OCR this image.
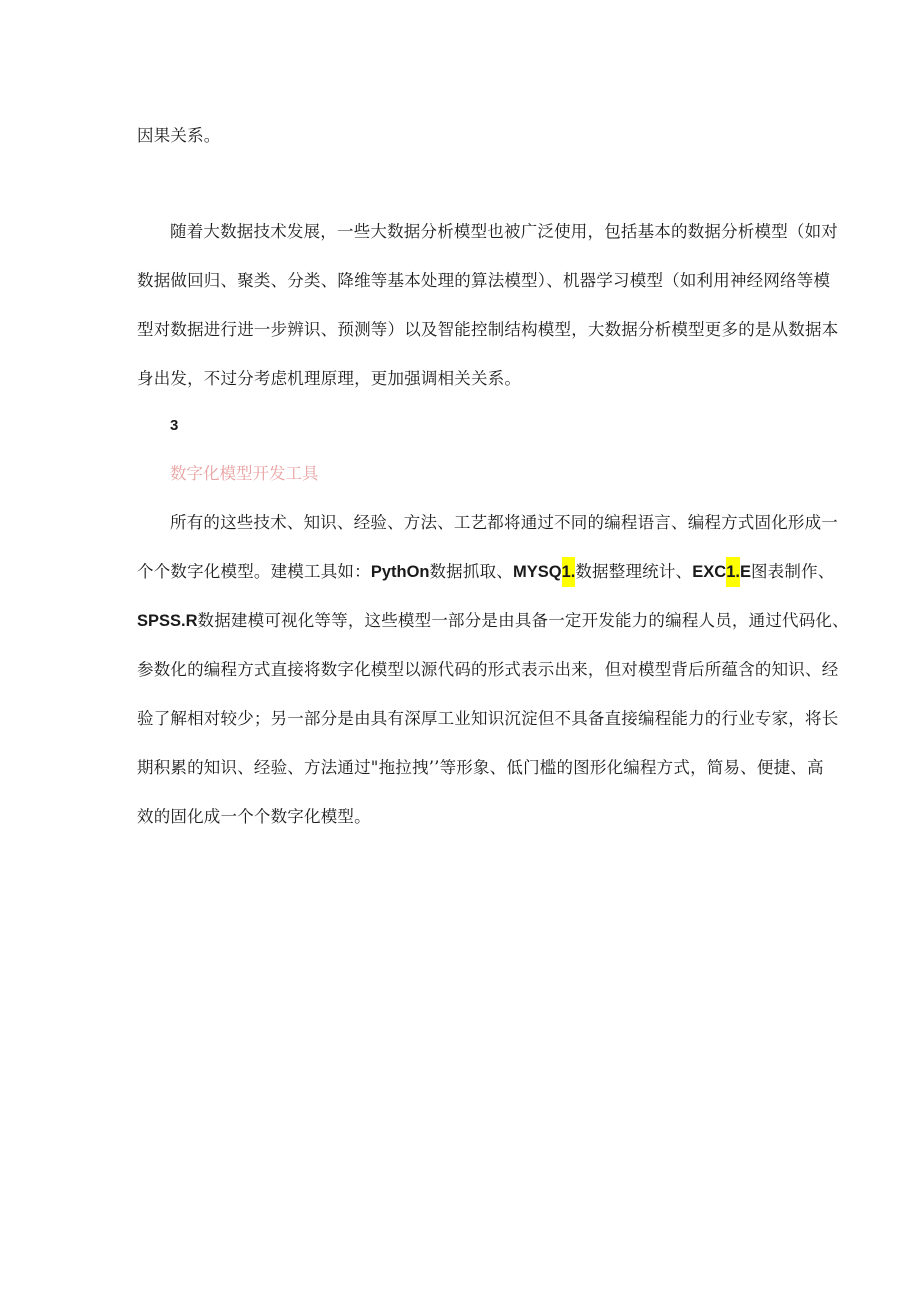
因果关系。
随着大数据技术发展，一些大数据分析模型也被广泛使用，包括基本的数据分析模型（如对
数据做回归、聚类、分类、降维等基本处理的算法模型）、机器学习模型（如利用神经网络等模
型对数据进行进一步辨识、预测等）以及智能控制结构模型，大数据分析模型更多的是从数据本
身出发，不过分考虑机理原理，更加强调相关关系。
3
数字化模型开发工具
所有的这些技术、知识、经验、方法、工艺都将通过不同的编程语言、编程方式固化形成一
个个数字化模型。建模工具如：PythOn数据抓取、MYSQ1.数据整理统计、EXC1.E图表制作、
SPSS.R数据建模可视化等等，这些模型一部分是由具备一定开发能力的编程人员，通过代码化、
参数化的编程方式直接将数字化模型以源代码的形式表示出来，但对模型背后所蕴含的知识、经
验了解相对较少；另一部分是由具有深厚工业知识沉淀但不具备直接编程能力的行业专家，将长
期积累的知识、经验、方法通过"拖拉拽’’等形象、低门槛的图形化编程方式，简易、便捷、高
效的固化成一个个数字化模型。
